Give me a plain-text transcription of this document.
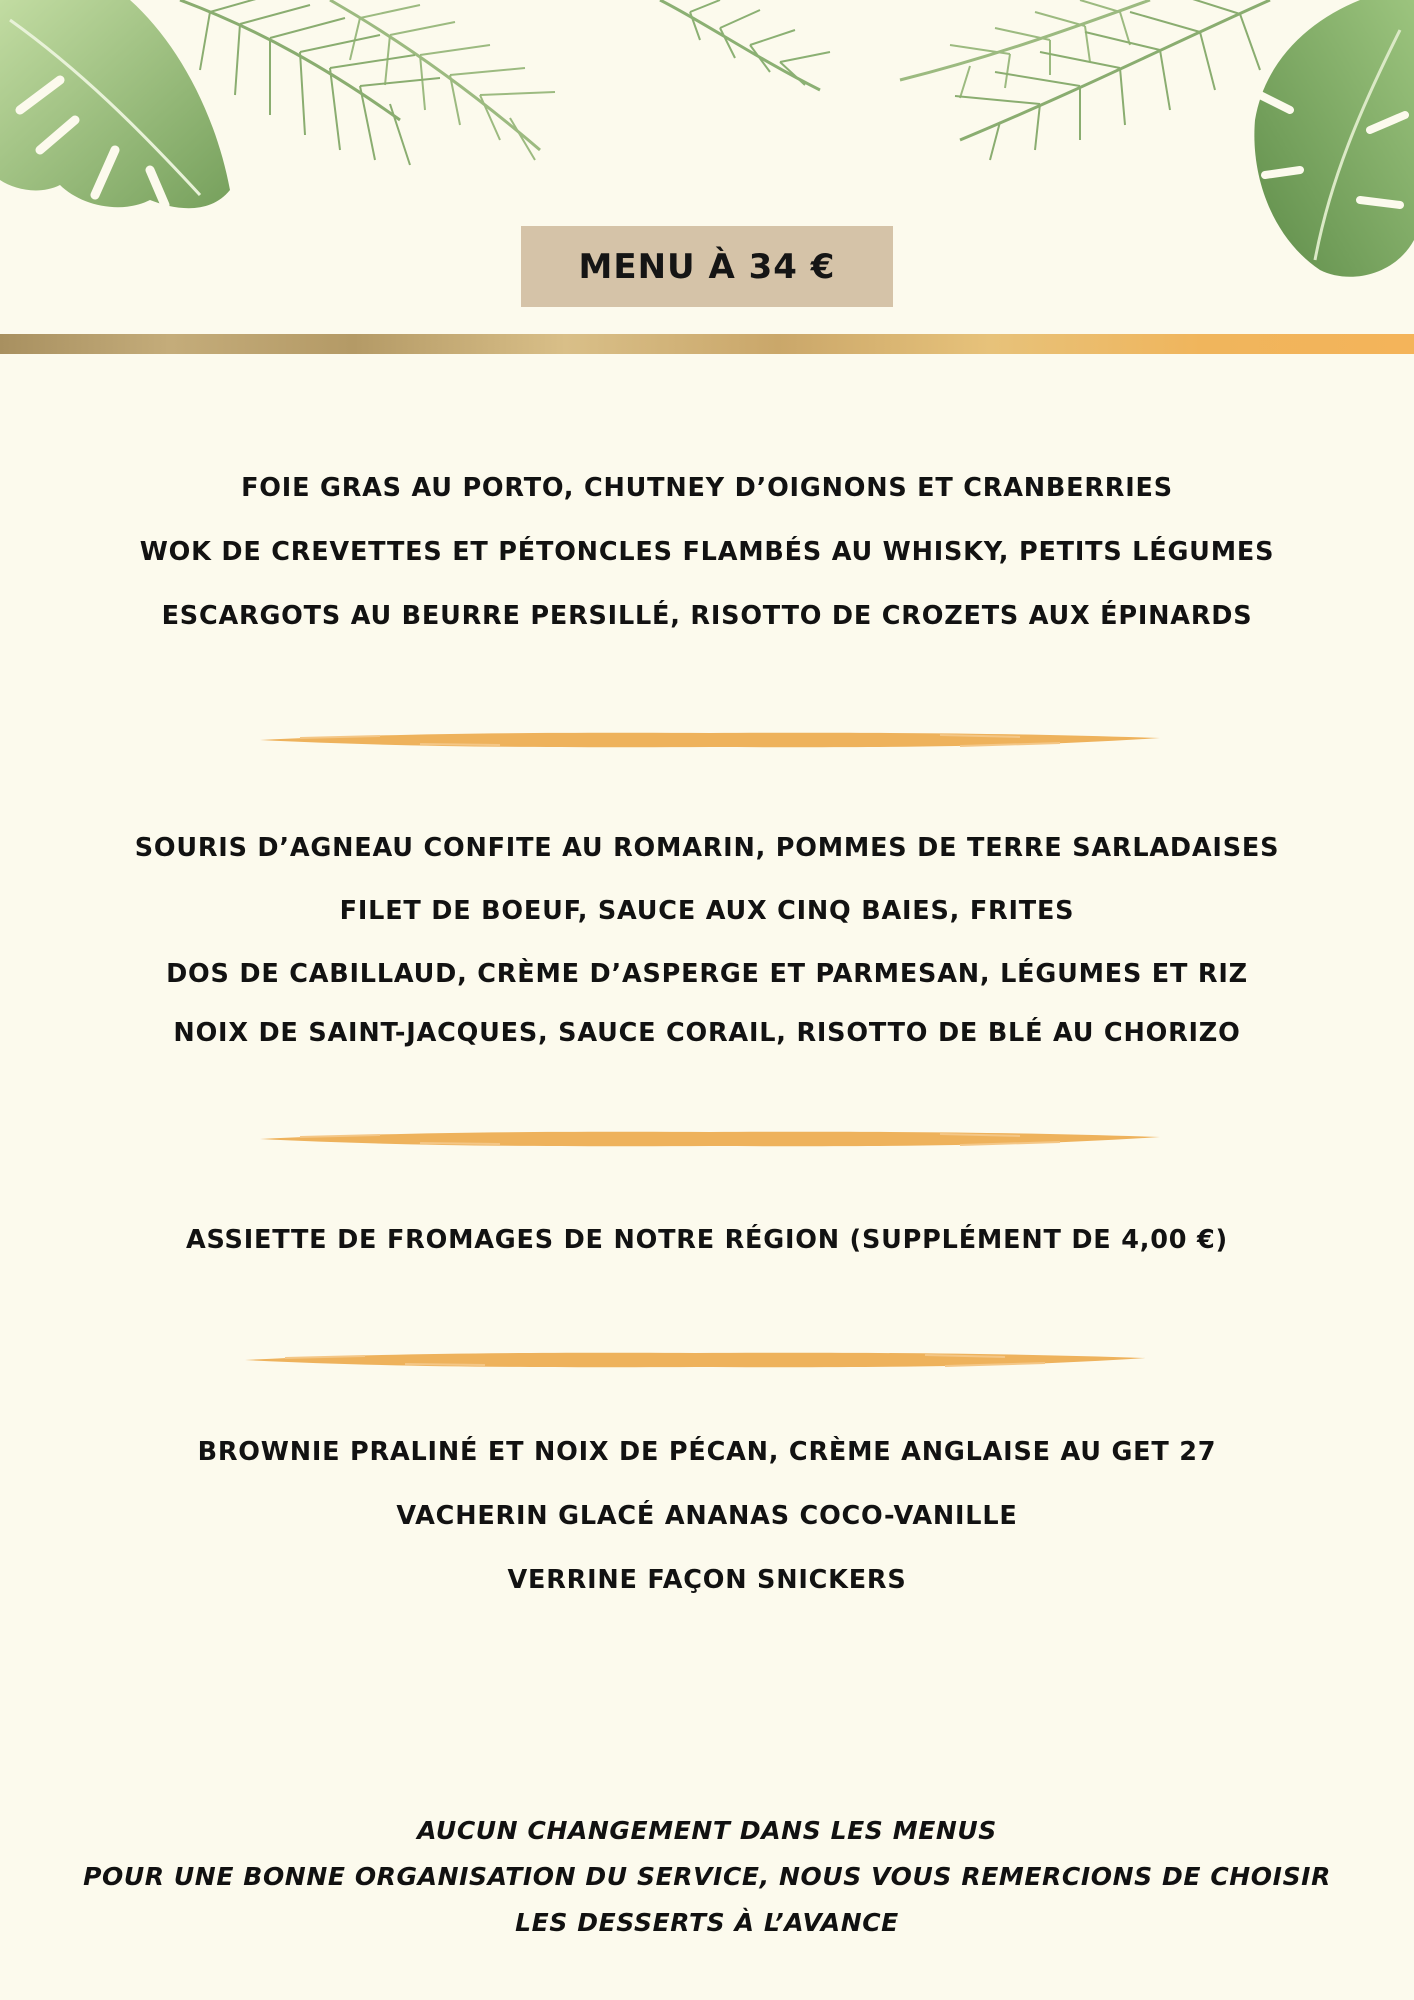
MENU À 34 €
FOIE GRAS AU PORTO, CHUTNEY D’OIGNONS ET CRANBERRIES
WOK DE CREVETTES ET PÉTONCLES FLAMBÉS AU WHISKY, PETITS LÉGUMES
ESCARGOTS AU BEURRE PERSILLÉ, RISOTTO DE CROZETS AUX ÉPINARDS
SOURIS D’AGNEAU CONFITE AU ROMARIN, POMMES DE TERRE SARLADAISES
FILET DE BOEUF, SAUCE AUX CINQ BAIES, FRITES
DOS DE CABILLAUD, CRÈME D’ASPERGE ET PARMESAN, LÉGUMES ET RIZ
NOIX DE SAINT-JACQUES, SAUCE CORAIL, RISOTTO DE BLÉ AU CHORIZO
ASSIETTE DE FROMAGES DE NOTRE RÉGION (SUPPLÉMENT DE 4,00 €)
BROWNIE PRALINÉ ET NOIX DE PÉCAN, CRÈME ANGLAISE AU GET 27
VACHERIN GLACÉ ANANAS COCO-VANILLE
VERRINE FAÇON SNICKERS
AUCUN CHANGEMENT DANS LES MENUS
POUR UNE BONNE ORGANISATION DU SERVICE, NOUS VOUS REMERCIONS DE CHOISIR
LES DESSERTS À L’AVANCE
